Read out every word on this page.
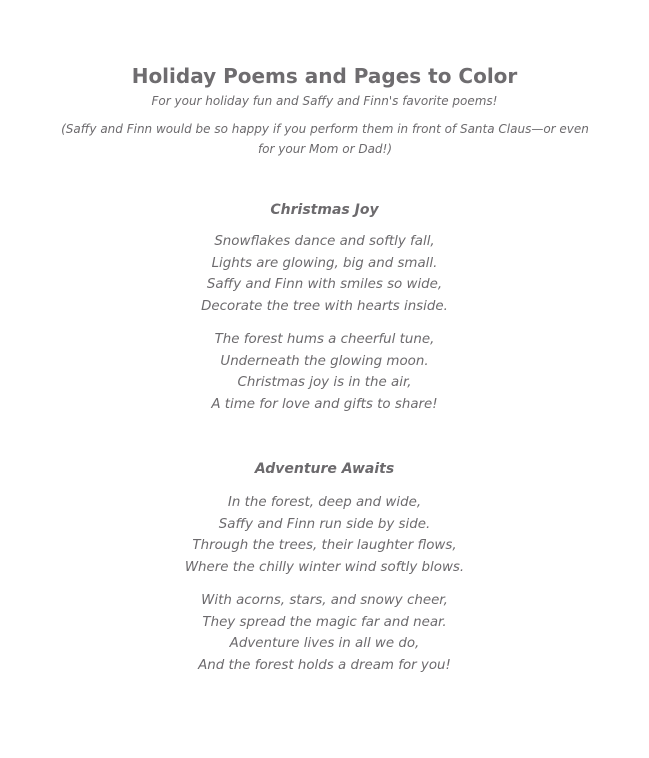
Holiday Poems and Pages to Color
For your holiday fun and Saffy and Finn's favorite poems!
(Saffy and Finn would be so happy if you perform them in front of Santa Claus—or even for your Mom or Dad!)
Christmas Joy
Snowflakes dance and softly fall,
Lights are glowing, big and small.
Saffy and Finn with smiles so wide,
Decorate the tree with hearts inside.
The forest hums a cheerful tune,
Underneath the glowing moon.
Christmas joy is in the air,
A time for love and gifts to share!
Adventure Awaits
In the forest, deep and wide,
Saffy and Finn run side by side.
Through the trees, their laughter flows,
Where the chilly winter wind softly blows.
With acorns, stars, and snowy cheer,
They spread the magic far and near.
Adventure lives in all we do,
And the forest holds a dream for you!
